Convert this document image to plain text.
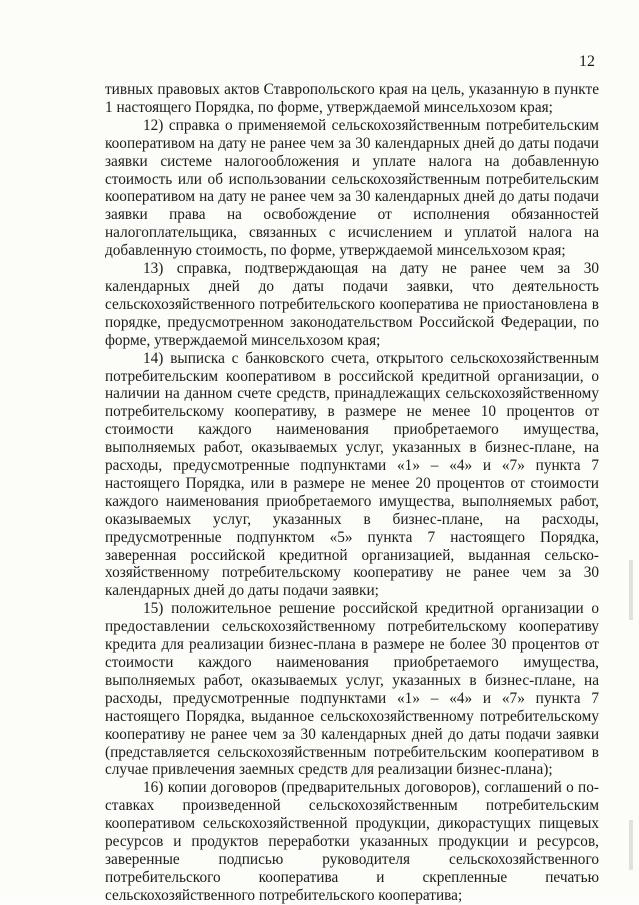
12

тивных правовых актов Ставропольского края на цель, указанную в пункте 1 настоящего Порядка, по форме, утверждаемой минсельхозом края;

12) справка о применяемой сельскохозяйственным потребительским кооперативом на дату не ранее чем за 30 календарных дней до даты подачи заявки системе налогообложения и уплате налога на добавленную стоимость или об использовании сельскохозяйственным потребительским кооперативом на дату не ранее чем за 30 календарных дней до даты подачи заявки права на освобождение от исполнения обязанностей налогоплательщика, связанных с исчислением и уплатой налога на добавленную стоимость, по форме, утверждаемой минсельхозом края;

13) справка, подтверждающая на дату не ранее чем за 30 календарных дней до даты подачи заявки, что деятельность сельскохозяйственного потребительского кооператива не приостановлена в порядке, предусмотренном законодательством Российской Федерации, по форме, утверждаемой минсельхозом края;

14) выписка с банковского счета, открытого сельскохозяйственным потребительским кооперативом в российской кредитной организации, о наличии на данном счете средств, принадлежащих сельскохозяйственному потребительскому кооперативу, в размере не менее 10 процентов от стоимости каждого наименования приобретаемого имущества, выполняемых работ, оказываемых услуг, указанных в бизнес-плане, на расходы, предусмотренные подпунктами «1» – «4» и «7» пункта 7 настоящего Порядка, или в размере не менее 20 процентов от стоимости каждого наименования приобретаемого имущества, выполняемых работ, оказываемых услуг, указанных в бизнес-плане, на расходы, предусмотренные подпунктом «5» пункта 7 настоящего Порядка, заверенная российской кредитной организацией, выданная сельскохозяйственному потребительскому кооперативу не ранее чем за 30 календарных дней до даты подачи заявки;

15) положительное решение российской кредитной организации о предоставлении сельскохозяйственному потребительскому кооперативу кредита для реализации бизнес-плана в размере не более 30 процентов от стоимости каждого наименования приобретаемого имущества, выполняемых работ, оказываемых услуг, указанных в бизнес-плане, на расходы, предусмотренные подпунктами «1» – «4» и «7» пункта 7 настоящего Порядка, выданное сельскохозяйственному потребительскому кооперативу не ранее чем за 30 календарных дней до даты подачи заявки (представляется сельскохозяйственным потребительским кооперативом в случае привлечения заемных средств для реализации бизнес-плана);

16) копии договоров (предварительных договоров), соглашений о поставках произведенной сельскохозяйственным потребительским кооперативом сельскохозяйственной продукции, дикорастущих пищевых ресурсов и продуктов переработки указанных продукции и ресурсов, заверенные подписью руководителя сельскохозяйственного потребительского кооператива и скрепленные печатью сельскохозяйственного потребительского кооператива;
